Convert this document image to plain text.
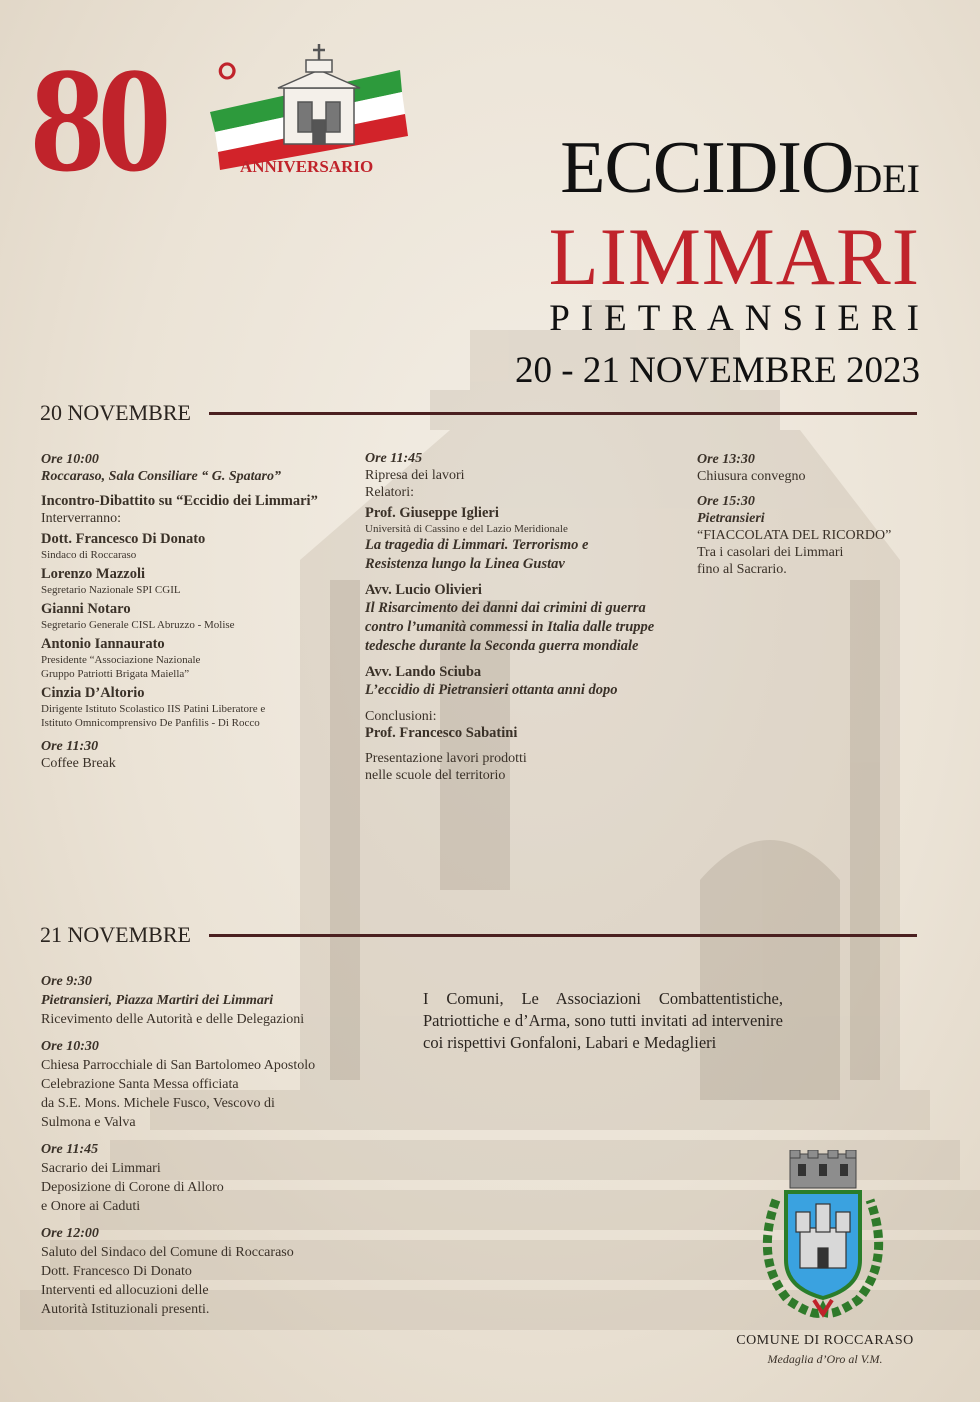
80 °
ANNIVERSARIO	ECCIDIODEI
LIMMARI
PIETRANSIERI
20 - 21 NOVEMBRE 2023
20 NOVEMBRE
Ore 10:00
Roccaraso, Sala Consiliare “ G. Spataro”
Incontro-Dibattito su “Eccidio dei Limmari”
Interverranno:
Dott. Francesco Di Donato
Sindaco di Roccaraso
Lorenzo Mazzoli
Segretario Nazionale SPI CGIL
Gianni Notaro
Segretario Generale CISL Abruzzo - Molise
Antonio Iannaurato
Presidente “Associazione Nazionale
Gruppo Patriotti Brigata Maiella”
Cinzia D’Altorio
Dirigente Istituto Scolastico IIS Patini Liberatore e
Istituto Omnicomprensivo De Panfilis - Di Rocco
Ore 11:30
Coffee Break
Ore 11:45
Ripresa dei lavori
Relatori:
Prof. Giuseppe Iglieri
Università di Cassino e del Lazio Meridionale
La tragedia di Limmari. Terrorismo e
Resistenza lungo la Linea Gustav
Avv. Lucio Olivieri
Il Risarcimento dei danni dai crimini di guerra
contro l’umanità commessi in Italia dalle truppe
tedesche durante la Seconda guerra mondiale
Avv. Lando Sciuba
L’eccidio di Pietransieri ottanta anni dopo
Conclusioni:
Prof. Francesco Sabatini
Presentazione lavori prodotti
nelle scuole del territorio
Ore 13:30
Chiusura convegno
Ore 15:30
Pietransieri
“FIACCOLATA DEL RICORDO”
Tra i casolari dei Limmari
fino al Sacrario.
21 NOVEMBRE
Ore 9:30
Pietransieri, Piazza Martiri dei Limmari
Ricevimento delle Autorità e delle Delegazioni
Ore 10:30
Chiesa Parrocchiale di San Bartolomeo Apostolo
Celebrazione Santa Messa officiata
da S.E. Mons. Michele Fusco, Vescovo di
Sulmona e Valva
Ore 11:45
Sacrario dei Limmari
Deposizione di Corone di Alloro
e Onore ai Caduti
Ore 12:00
Saluto del Sindaco del Comune di Roccaraso
Dott. Francesco Di Donato
Interventi ed allocuzioni delle
Autorità Istituzionali presenti.
I Comuni, Le Associazioni Combattentistiche, Patriottiche e d’Arma, sono tutti invitati ad intervenire coi rispettivi Gonfaloni, Labari e Medaglieri
COMUNE DI ROCCARASO
Medaglia d’Oro al V.M.
